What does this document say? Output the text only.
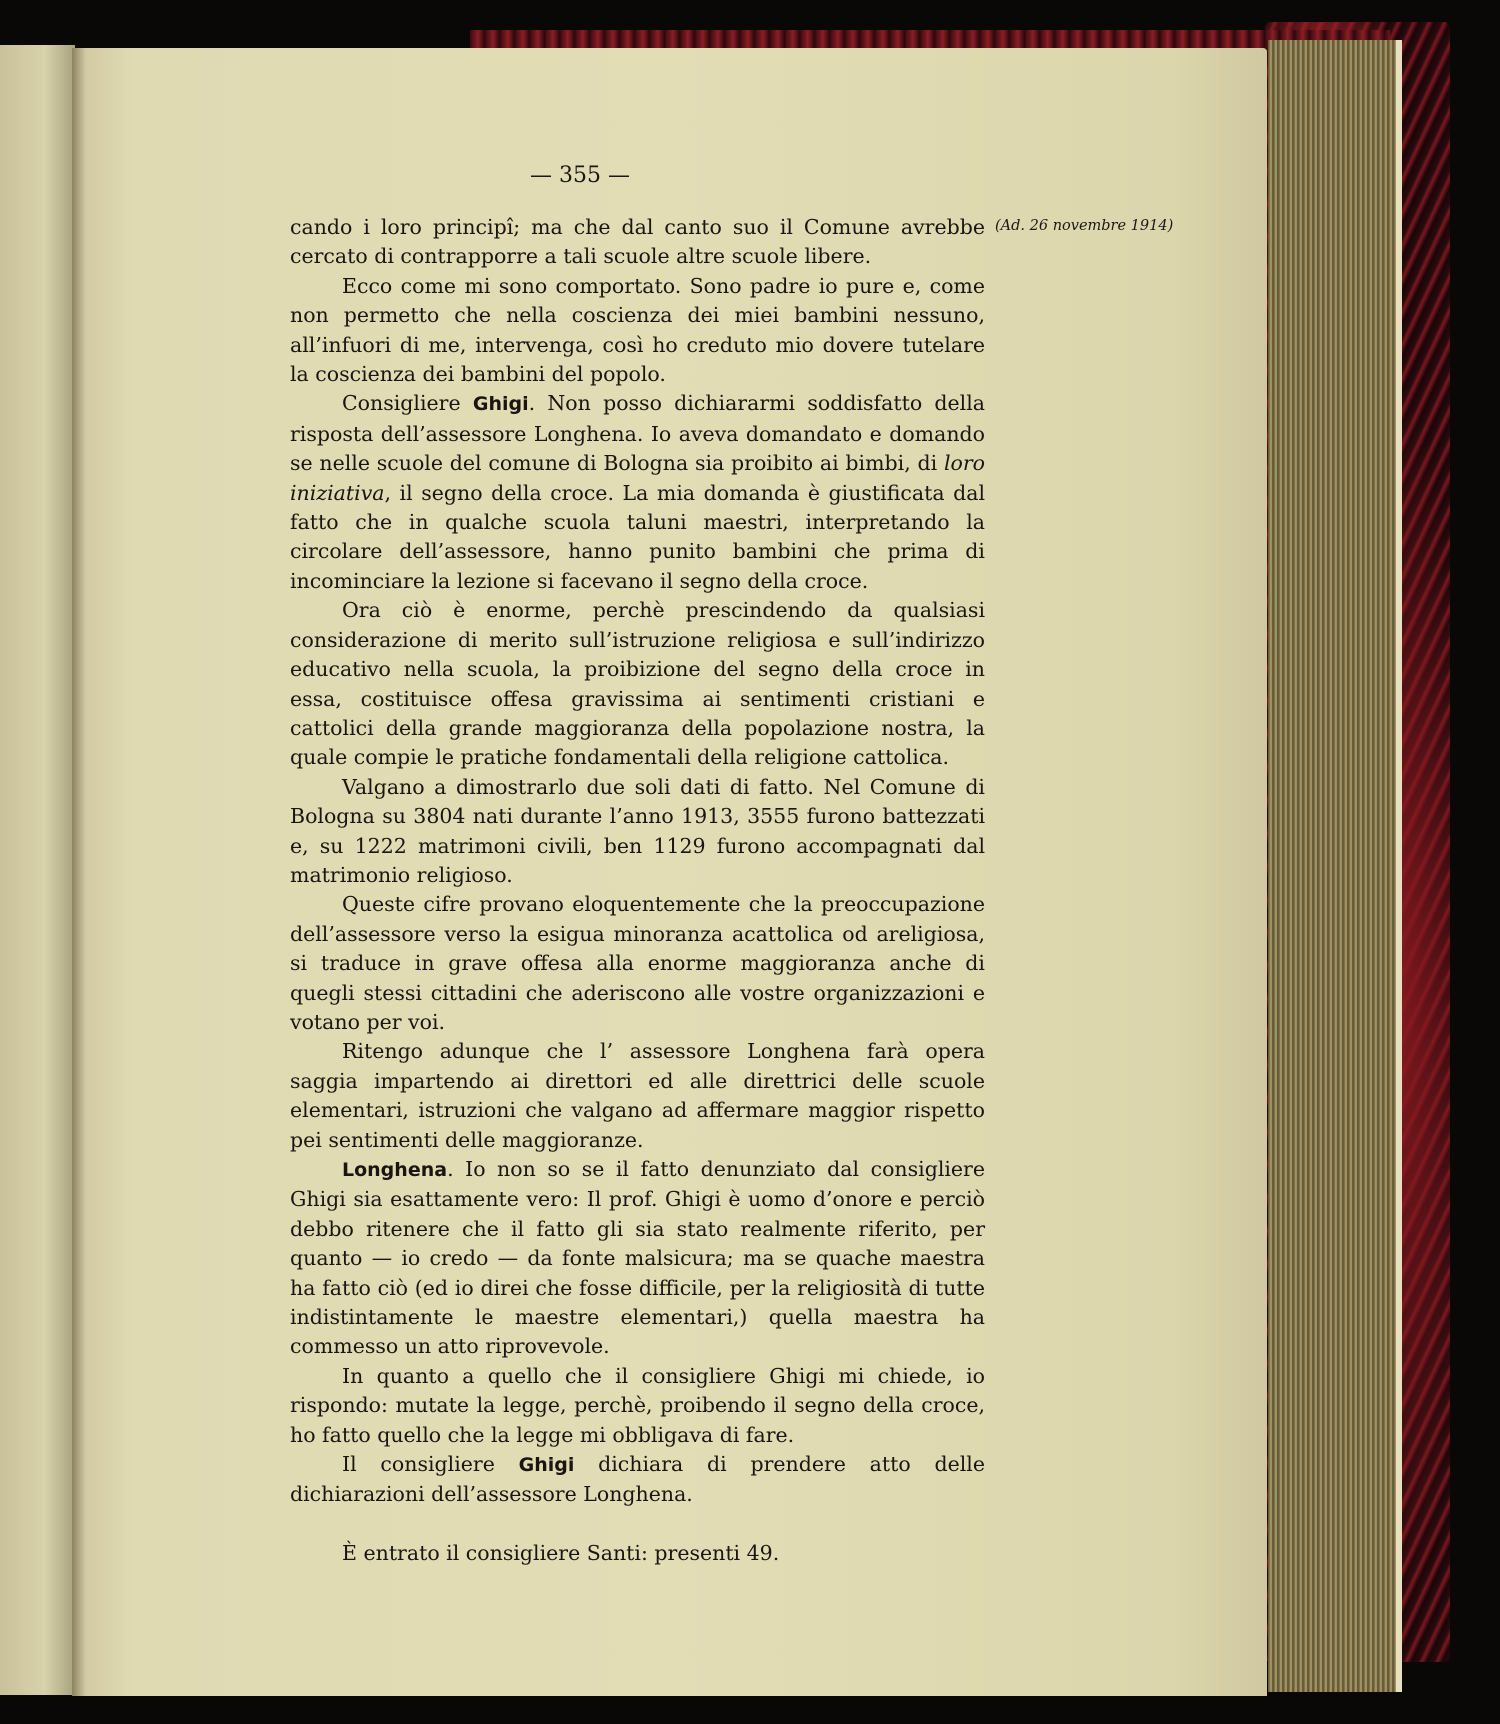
— 355 —
(Ad. 26 novembre 1914)

cando i loro principî; ma che dal canto suo il Comune avrebbe cercato di contrapporre a tali scuole altre scuole libere.

Ecco come mi sono comportato. Sono padre io pure e, come non permetto che nella coscienza dei miei bambini nessuno, all’infuori di me, intervenga, così ho creduto mio dovere tutelare la coscienza dei bambini del popolo.

Consigliere Ghigi. Non posso dichiararmi soddisfatto della risposta dell’assessore Longhena. Io aveva domandato e domando se nelle scuole del comune di Bologna sia proibito ai bimbi, di loro iniziativa, il segno della croce. La mia domanda è giustificata dal fatto che in qualche scuola taluni maestri, interpretando la circolare dell’assessore, hanno punito bambini che prima di incominciare la lezione si facevano il segno della croce.

Ora ciò è enorme, perchè prescindendo da qualsiasi considerazione di merito sull’istruzione religiosa e sull’indirizzo educativo nella scuola, la proibizione del segno della croce in essa, costituisce offesa gravissima ai sentimenti cristiani e cattolici della grande maggioranza della popolazione nostra, la quale compie le pratiche fondamentali della religione cattolica.

Valgano a dimostrarlo due soli dati di fatto. Nel Comune di Bologna su 3804 nati durante l’anno 1913, 3555 furono battezzati e, su 1222 matrimoni civili, ben 1129 furono accompagnati dal matrimonio religioso.

Queste cifre provano eloquentemente che la preoccupazione dell’assessore verso la esigua minoranza acattolica od areligiosa, si traduce in grave offesa alla enorme maggioranza anche di quegli stessi cittadini che aderiscono alle vostre organizzazioni e votano per voi.

Ritengo adunque che l’ assessore Longhena farà opera saggia impartendo ai direttori ed alle direttrici delle scuole elementari, istruzioni che valgano ad affermare maggior rispetto pei sentimenti delle maggioranze.

Longhena. Io non so se il fatto denunziato dal consigliere Ghigi sia esattamente vero: Il prof. Ghigi è uomo d’onore e perciò debbo ritenere che il fatto gli sia stato realmente riferito, per quanto — io credo — da fonte malsicura; ma se quache maestra ha fatto ciò (ed io direi che fosse difficile, per la religiosità di tutte indistintamente le maestre elementari,) quella maestra ha commesso un atto riprovevole.

In quanto a quello che il consigliere Ghigi mi chiede, io rispondo: mutate la legge, perchè, proibendo il segno della croce, ho fatto quello che la legge mi obbligava di fare.

Il consigliere Ghigi dichiara di prendere atto delle dichiarazioni dell’assessore Longhena.

È entrato il consigliere Santi: presenti 49.
